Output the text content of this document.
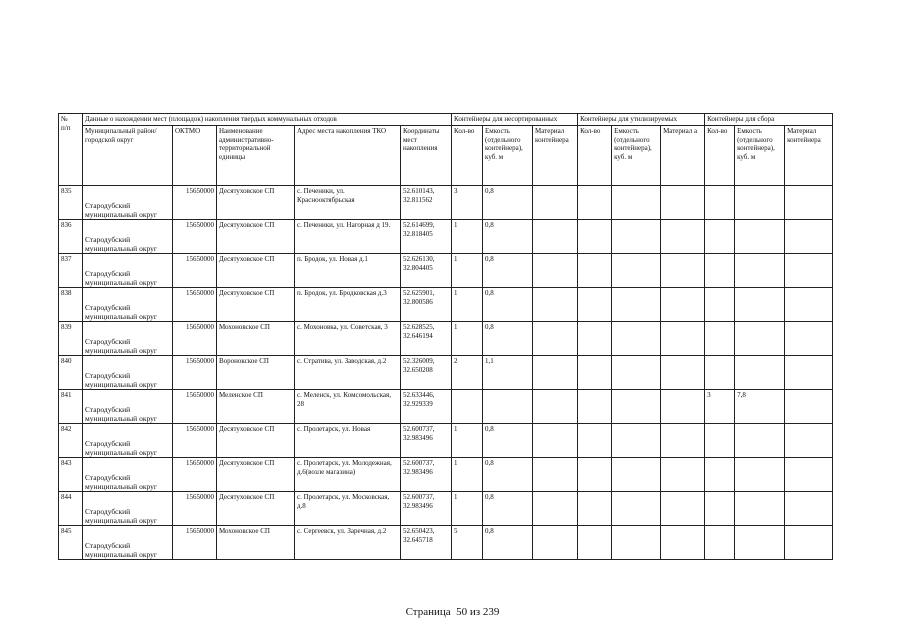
№
п/п	Данные о нахождении мест (площадок) накопления твердых коммунальных отходов					Контейнеры для несортированных			Контейнеры для утилизируемых			Контейнеры для сбора		
	Муниципальный район/городской округ	ОКТМО	Наименование административно-территориальной единицы	Адрес места накопления ТКО	Координаты мест накопления	Кол-во	Емкость (отдельного контейнера), куб. м	Материал контейнера	Кол-во	Емкость (отдельного контейнера), куб. м	Материал а	Кол-во	Емкость (отдельного контейнера), куб. м	Материал контейнера
835	Стародубский муниципальный округ	15650000	Десятуховское СП	с. Печеники, ул. Краснооктябрьская	52.610143, 32.811562	3	0,8							
836	Стародубский муниципальный округ	15650000	Десятуховское СП	с. Печеники, ул. Нагорная д 19.	52.614699, 32.818405	1	0,8							
837	Стародубский муниципальный округ	15650000	Десятуховское СП	п. Бродок, ул. Новая д.1	52.626130, 32.804405	1	0,8							
838	Стародубский муниципальный округ	15650000	Десятуховское СП	п. Бродок, ул. Бродковская д.3	52.625901, 32.800586	1	0,8							
839	Стародубский муниципальный округ	15650000	Мохоновское СП	с. Мохоновка, ул. Советская, 3	52.628525, 32.646194	1	0,8							
840	Стародубский муниципальный округ	15650000	Воронокское СП	с. Стратива, ул. Заводская, д.2	52.326009, 32.650208	2	1,1							
841	Стародубский муниципальный округ	15650000	Меленское СП	с. Меленск, ул. Комсомольская, 28	52.633446, 32.929339							3	7,8	
842	Стародубский муниципальный округ	15650000	Десятуховское СП	с. Пролетарск, ул. Новая	52.600737, 32.983496	1	0,8							
843	Стародубский муниципальный округ	15650000	Десятуховское СП	с. Пролетарск, ул. Молодежная, д.6(возле магазина)	52.600737, 32.983496	1	0,8							
844	Стародубский муниципальный округ	15650000	Десятуховское СП	с. Пролетарск, ул. Московская, д.8	52.600737, 32.983496	1	0,8							
845	Стародубский муниципальный округ	15650000	Мохоновское СП	с. Сергеевск, ул. Заречная, д.2	52.650423, 32.645718	5	0,8							
Страница 50 из 239
